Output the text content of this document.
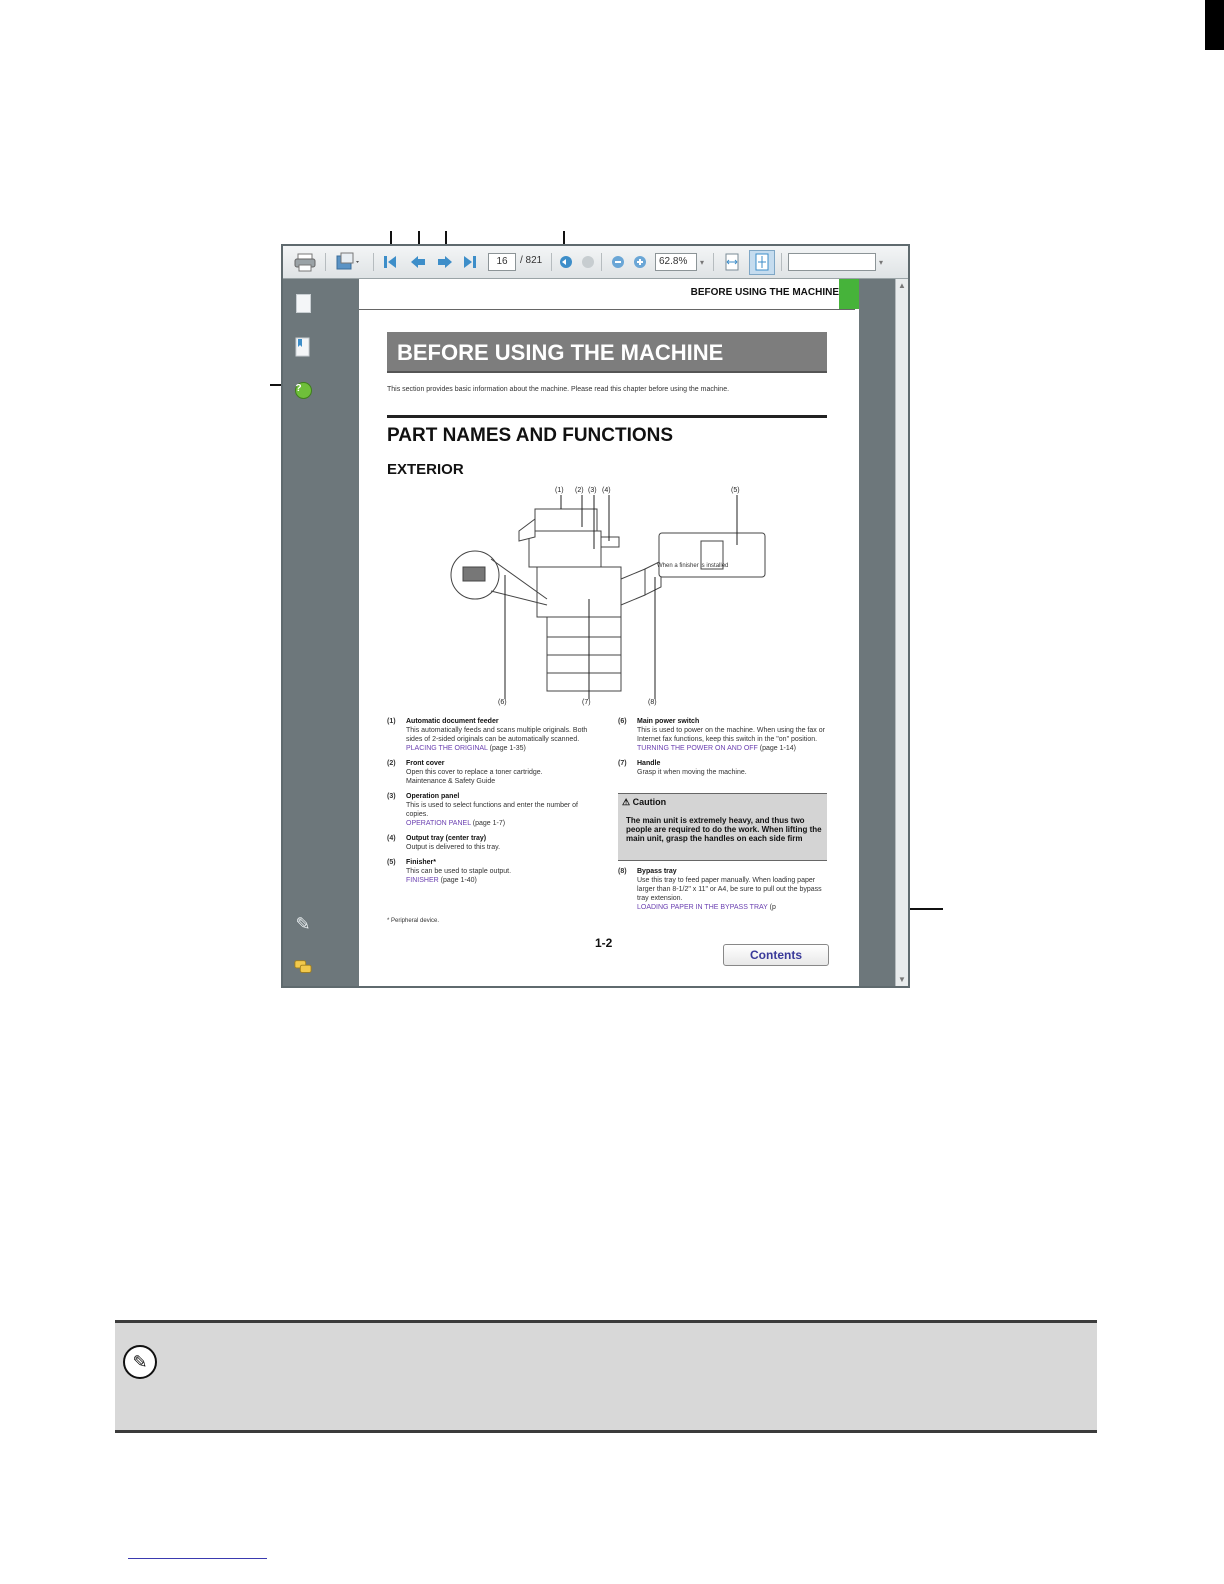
16	/ 821	62.8%	▾	▾
?
✎
BEFORE USING THE MACHINE
BEFORE USING THE MACHINE
This section provides basic information about the machine. Please read this chapter before using the machine.
PART NAMES AND FUNCTIONS
EXTERIOR
(1) (2) (3) (4)	(5)
(6)	(7)	(8)
When a finisher is installed
(1) Automatic document feeder
This automatically feeds and scans multiple originals. Both sides of 2-sided originals can be automatically scanned.
PLACING THE ORIGINAL (page 1-35)
(2) Front cover
Open this cover to replace a toner cartridge.
Maintenance & Safety Guide
(3) Operation panel
This is used to select functions and enter the number of copies.
OPERATION PANEL (page 1-7)
(4) Output tray (center tray)
Output is delivered to this tray.
(5) Finisher*
This can be used to staple output.
FINISHER (page 1-40)
(6) Main power switch
This is used to power on the machine. When using the fax or Internet fax functions, keep this switch in the "on" position.
TURNING THE POWER ON AND OFF (page 1-14)
(7) Handle
Grasp it when moving the machine.
⚠ Caution
The main unit is extremely heavy, and thus two people are required to do the work. When lifting the main unit, grasp the handles on each side firm
(8) Bypass tray
Use this tray to feed paper manually. When loading paper larger than 8-1/2" x 11" or A4, be sure to pull out the bypass tray extension.
LOADING PAPER IN THE BYPASS TRAY (p
* Peripheral device.
1-2
Contents
▲
▼
✎
